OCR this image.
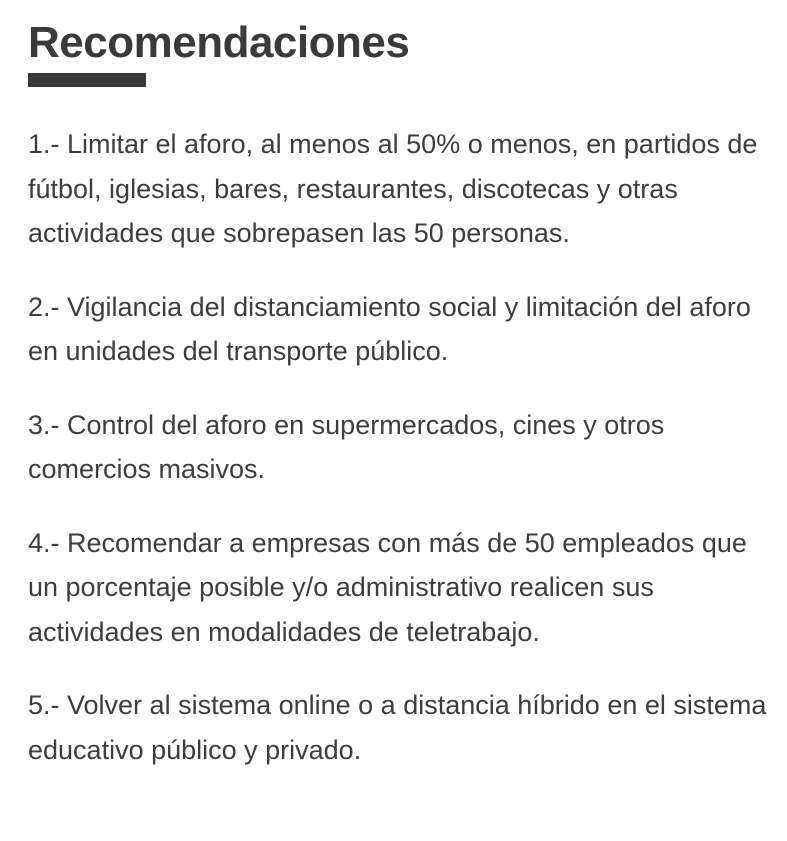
Recomendaciones

1.- Limitar el aforo, al menos al 50% o menos, en partidos de fútbol, iglesias, bares, restaurantes, discotecas y otras actividades que sobrepasen las 50 personas.

2.- Vigilancia del distanciamiento social y limitación del aforo en unidades del transporte público.

3.- Control del aforo en supermercados, cines y otros comercios masivos.

4.- Recomendar a empresas con más de 50 empleados que un porcentaje posible y/o administrativo realicen sus actividades en modalidades de teletrabajo.

5.- Volver al sistema online o a distancia híbrido en el sistema educativo público y privado.
